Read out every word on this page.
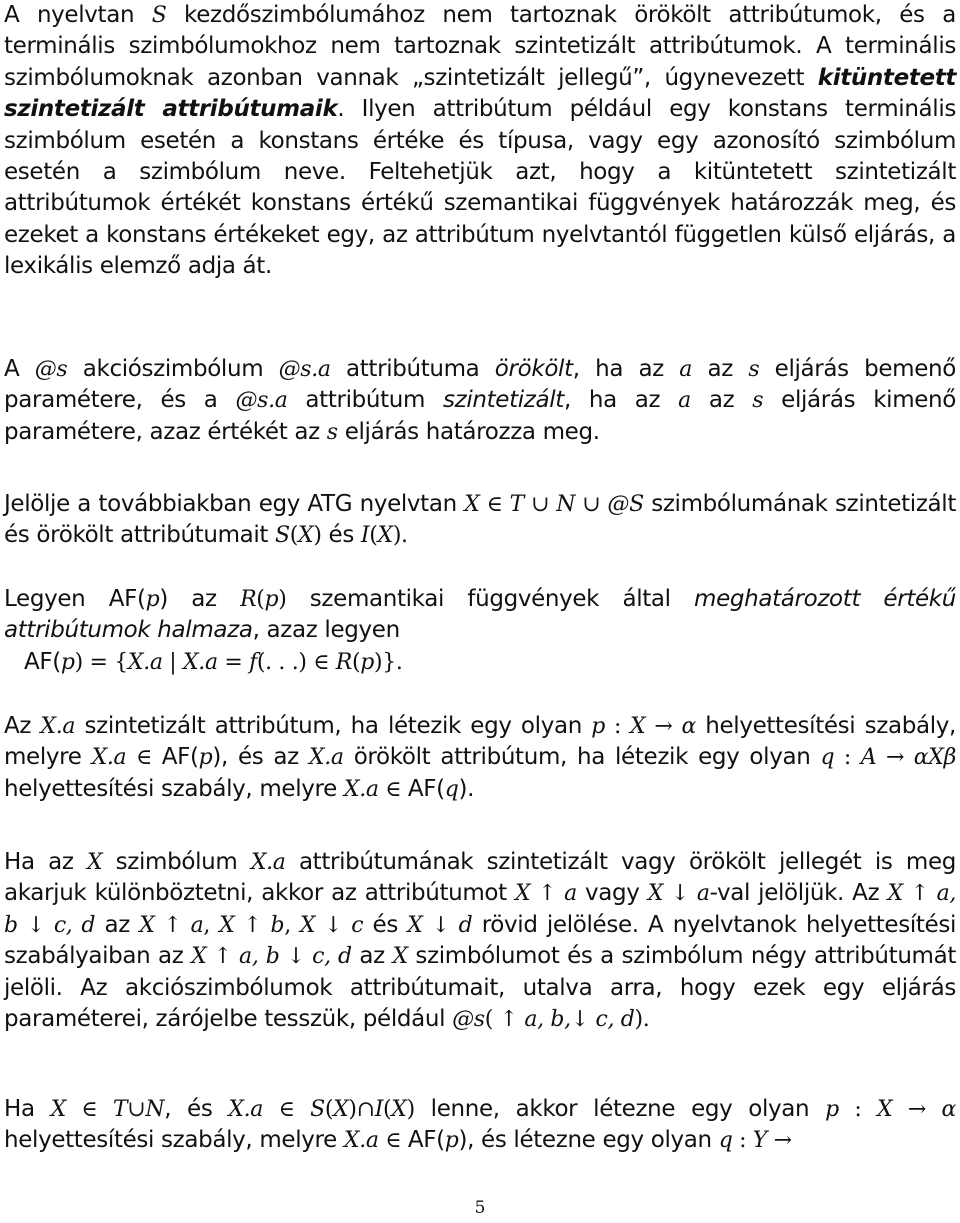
A nyelvtan S kezdőszimbólumához nem tartoznak örökölt attribútumok, és a terminális szimbólumokhoz nem tartoznak szintetizált attribútumok. A terminális szimbólumoknak azonban vannak „szintetizált jellegű”, úgynevezett kitüntetett szintetizált attribútumaik. Ilyen attribútum például egy konstans terminális szimbólum esetén a konstans értéke és típusa, vagy egy azonosító szimbólum esetén a szimbólum neve. Feltehetjük azt, hogy a kitüntetett szintetizált attribútumok értékét konstans értékű szemantikai függvények határozzák meg, és ezeket a konstans értékeket egy, az attribútum nyelvtantól független külső eljárás, a lexikális elemző adja át.
A @s akciószimbólum @s.a attribútuma örökölt, ha az a az s eljárás bemenő paramétere, és a @s.a attribútum szintetizált, ha az a az s eljárás kimenő paramétere, azaz értékét az s eljárás határozza meg.
Jelölje a továbbiakban egy ATG nyelvtan X ∈ T ∪ N ∪ @S szimbólumának szintetizált és örökölt attribútumait S(X) és I(X).
Legyen AF(p) az R(p) szemantikai függvények által meghatározott értékű attribútumok halmaza, azaz legyen
AF(p) = {X.a | X.a = f(. . .) ∈ R(p)}.
Az X.a szintetizált attribútum, ha létezik egy olyan p : X → α helyettesítési szabály, melyre X.a ∈ AF(p), és az X.a örökölt attribútum, ha létezik egy olyan q : A → αXβ helyettesítési szabály, melyre X.a ∈ AF(q).
Ha az X szimbólum X.a attribútumának szintetizált vagy örökölt jellegét is meg akarjuk különböztetni, akkor az attribútumot X ↑ a vagy X ↓ a-val jelöljük. Az X ↑ a, b ↓ c, d az X ↑ a, X ↑ b, X ↓ c és X ↓ d rövid jelölése. A nyelvtanok helyettesítési szabályaiban az X ↑ a, b ↓ c, d az X szimbólumot és a szimbólum négy attribútumát jelöli. Az akciószimbólumok attribútumait, utalva arra, hogy ezek egy eljárás paraméterei, zárójelbe tesszük, például @s( ↑ a, b,↓ c, d).
Ha X ∈ T∪N, és X.a ∈ S(X)∩I(X) lenne, akkor létezne egy olyan p : X → α helyettesítési szabály, melyre X.a ∈ AF(p), és létezne egy olyan q : Y →
5
